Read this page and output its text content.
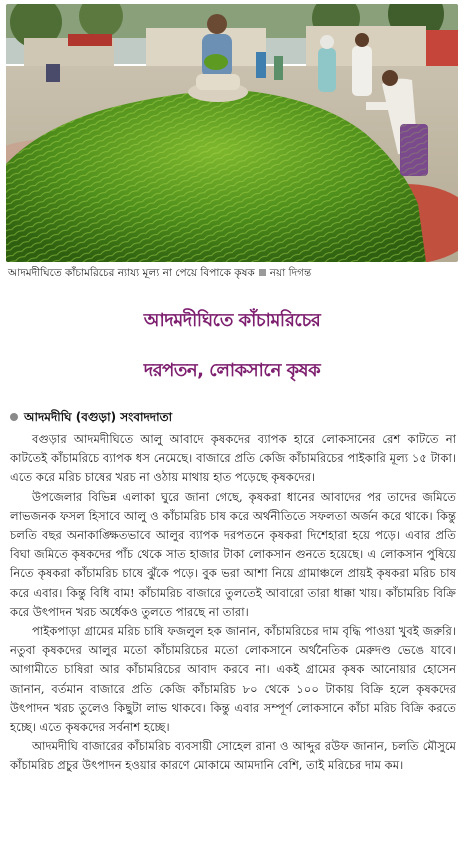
আদমদীঘিতে কাঁচামরিচের ন্যায্য মূল্য না পেয়ে বিপাকে কৃষক নয়া দিগন্ত
আদমদীঘিতে কাঁচামরিচের
দরপতন, লোকসানে কৃষক
আদমদীঘি (বগুড়া) সংবাদদাতা

বগুড়ার আদমদীঘিতে আলু আবাদে কৃষকদের ব্যাপক হারে লোকসানের রেশ কাটতে না কাটতেই কাঁচামরিচে ব্যাপক ধস নেমেছে। বাজারে প্রতি কেজি কাঁচামরিচের পাইকারি মূল্য ১৫ টাকা। এতে করে মরিচ চাষের খরচ না ওঠায় মাথায় হাত পড়েছে কৃষকদের।

উপজেলার বিভিন্ন এলাকা ঘুরে জানা গেছে, কৃষকরা ধানের আবাদের পর তাদের জমিতে লাভজনক ফসল হিসাবে আলু ও কাঁচামরিচ চাষ করে অর্থনীতিতে সফলতা অর্জন করে থাকে। কিন্তু চলতি বছর অনাকাঙ্ক্ষিতভাবে আলুর ব্যাপক দরপতনে কৃষকরা দিশেহারা হয়ে পড়ে। এবার প্রতি বিঘা জমিতে কৃষকদের পাঁচ থেকে সাত হাজার টাকা লোকসান গুনতে হয়েছে। এ লোকসান পুষিয়ে নিতে কৃষকরা কাঁচামরিচ চাষে ঝুঁকে পড়ে। বুক ভরা আশা নিয়ে গ্রামাঞ্চলে প্রায়ই কৃষকরা মরিচ চাষ করে এবার। কিন্তু বিধি বাম! কাঁচামরিচ বাজারে তুলতেই আবারো তারা ধাক্কা খায়। কাঁচামরিচ বিক্রি করে উৎপাদন খরচ অর্ধেকও তুলতে পারছে না তারা।

পাইকপাড়া গ্রামের মরিচ চাষি ফজলুল হক জানান, কাঁচামরিচের দাম বৃদ্ধি পাওয়া খুবই জরুরি। নতুবা কৃষকদের আলুর মতো কাঁচামরিচের মতো লোকসানে অর্থনৈতিক মেরুদণ্ড ভেঙে যাবে। আগামীতে চাষিরা আর কাঁচামরিচের আবাদ করবে না। একই গ্রামের কৃষক আনোয়ার হোসেন জানান, বর্তমান বাজারে প্রতি কেজি কাঁচামরিচ ৮০ থেকে ১০০ টাকায় বিক্রি হলে কৃষকদের উৎপাদন খরচ তুলেও কিছুটা লাভ থাকবে। কিন্তু এবার সম্পূর্ণ লোকসানে কাঁচা মরিচ বিক্রি করতে হচ্ছে। এতে কৃষকদের সর্বনাশ হচ্ছে।

আদমদীঘি বাজারের কাঁচামরিচ ব্যবসায়ী সোহেল রানা ও আব্দুর রউফ জানান, চলতি মৌসুমে কাঁচামরিচ প্রচুর উৎপাদন হওয়ার কারণে মোকামে আমদানি বেশি, তাই মরিচের দাম কম।
